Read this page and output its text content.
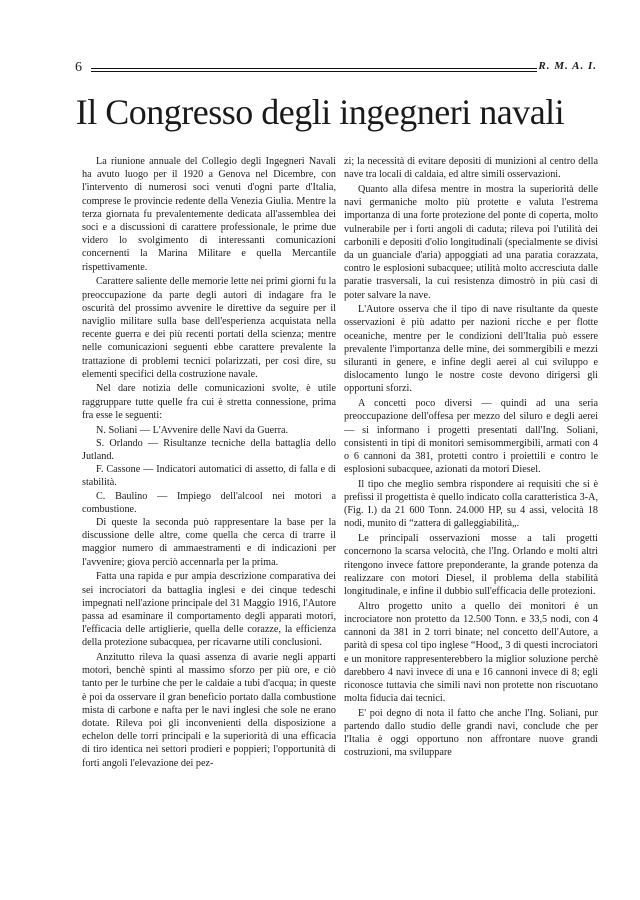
6	R. M. A. I.
Il Congresso degli ingegneri navali

La riunione annuale del Collegio degli Ingegneri Navali ha avuto luogo per il 1920 a Genova nel Dicembre, con l'intervento di numerosi soci venuti d'ogni parte d'Italia, comprese le provincie redente della Venezia Giulia. Mentre la terza giornata fu prevalentemente dedicata all'assemblea dei soci e a discussioni di carattere professionale, le prime due videro lo svolgimento di interessanti comunicazioni concernenti la Marina Militare e quella Mercantile rispettivamente.

Carattere saliente delle memorie lette nei primi giorni fu la preoccupazione da parte degli autori di indagare fra le oscurità del prossimo avvenire le direttive da seguire per il naviglio militare sulla base dell'esperienza acquistata nella recente guerra e dei più recenti portati della scienza; mentre nelle comunicazioni seguenti ebbe carattere prevalente la trattazione di problemi tecnici polarizzati, per così dire, su elementi specifici della costruzione navale.

Nel dare notizia delle comunicazioni svolte, è utile raggruppare tutte quelle fra cui è stretta connessione, prima fra esse le seguenti:

N. Soliani — L'Avvenire delle Navi da Guerra.

S. Orlando — Risultanze tecniche della battaglia dello Jutland.

F. Cassone — Indicatori automatici di assetto, di falla e di stabilità.

C. Baulino — Impiego dell'alcool nei motori a combustione.

Di queste la seconda può rappresentare la base per la discussione delle altre, come quella che cerca di trarre il maggior numero di ammaestramenti e di indicazioni per l'avvenire; giova perciò accennarla per la prima.

Fatta una rapida e pur ampia descrizione comparativa dei sei incrociatori da battaglia inglesi e dei cinque tedeschi impegnati nell'azione principale del 31 Maggio 1916, l'Autore passa ad esaminare il comportamento degli apparati motori, l'efficacia delle artiglierie, quella delle corazze, la efficienza della protezione subacquea, per ricavarne utili conclusioni.

Anzitutto rileva la quasi assenza di avarie negli apparti motori, benchè spinti al massimo sforzo per più ore, e ciò tanto per le turbine che per le caldaie a tubi d'acqua; in queste è poi da osservare il gran beneficio portato dalla combustione mista di carbone e nafta per le navi inglesi che sole ne erano dotate. Rileva poi gli inconvenienti della disposizione a echelon delle torri principali e la superiorità di una efficacia di tiro identica nei settori prodieri e poppieri; l'opportunità di forti angoli l'elevazione dei pez-

zi; la necessità di evitare depositi di munizioni al centro della nave tra locali di caldaia, ed altre simili osservazioni.

Quanto alla difesa mentre in mostra la superiorità delle navi germaniche molto più protette e valuta l'estrema importanza di una forte protezione del ponte di coperta, molto vulnerabile per i forti angoli di caduta; rileva poi l'utilità dei carbonili e depositi d'olio longitudinali (specialmente se divisi da un guanciale d'aria) appoggiati ad una paratia corazzata, contro le esplosioni subacquee; utilità molto accresciuta dalle paratie trasversali, la cui resistenza dimostrò in più casi di poter salvare la nave.

L'Autore osserva che il tipo di nave risultante da queste osservazioni è più adatto per nazioni ricche e per flotte oceaniche, mentre per le condizioni dell'Italia può essere prevalente l'importanza delle mine, dei sommergibili e mezzi siluranti in genere, e infine degli aerei al cui sviluppo e dislocamento lungo le nostre coste devono dirigersi gli opportuni sforzi.

A concetti poco diversi — quindi ad una seria preoccupazione dell'offesa per mezzo del siluro e degli aerei — si informano i progetti presentati dall'Ing. Soliani, consistenti in tipi di monitori semisommergibili, armati con 4 o 6 cannoni da 381, protetti contro i proiettili e contro le esplosioni subacquee, azionati da motori Diesel.

Il tipo che meglio sembra rispondere ai requisiti che si è prefissi il progettista è quello indicato colla caratteristica 3-A, (Fig. I.) da 21 600 Tonn. 24.000 HP, su 4 assi, velocità 18 nodi, munito di “zattera di galleggiabilità„.

Le principali osservazioni mosse a tali progetti concernono la scarsa velocità, che l'Ing. Orlando e molti altri ritengono invece fattore preponderante, la grande potenza da realizzare con motori Diesel, il problema della stabilità longitudinale, e infine il dubbio sull'efficacia delle protezioni.

Altro progetto unito a quello dei monitori è un incrociatore non protetto da 12.500 Tonn. e 33,5 nodi, con 4 cannoni da 381 in 2 torri binate; nel concetto dell'Autore, a parità di spesa col tipo inglese “Hood„ 3 di questi incrociatori e un monitore rappresenterebbero la miglior soluzione perchè darebbero 4 navi invece di una e 16 cannoni invece di 8; egli riconosce tuttavia che simili navi non protette non riscuotano molta fiducia dai tecnici.

E' poi degno di nota il fatto che anche l'Ing. Soliani, pur partendo dallo studio delle grandi navi, conclude che per l'Italia è oggi opportuno non affrontare nuove grandi costruzioni, ma sviluppare
